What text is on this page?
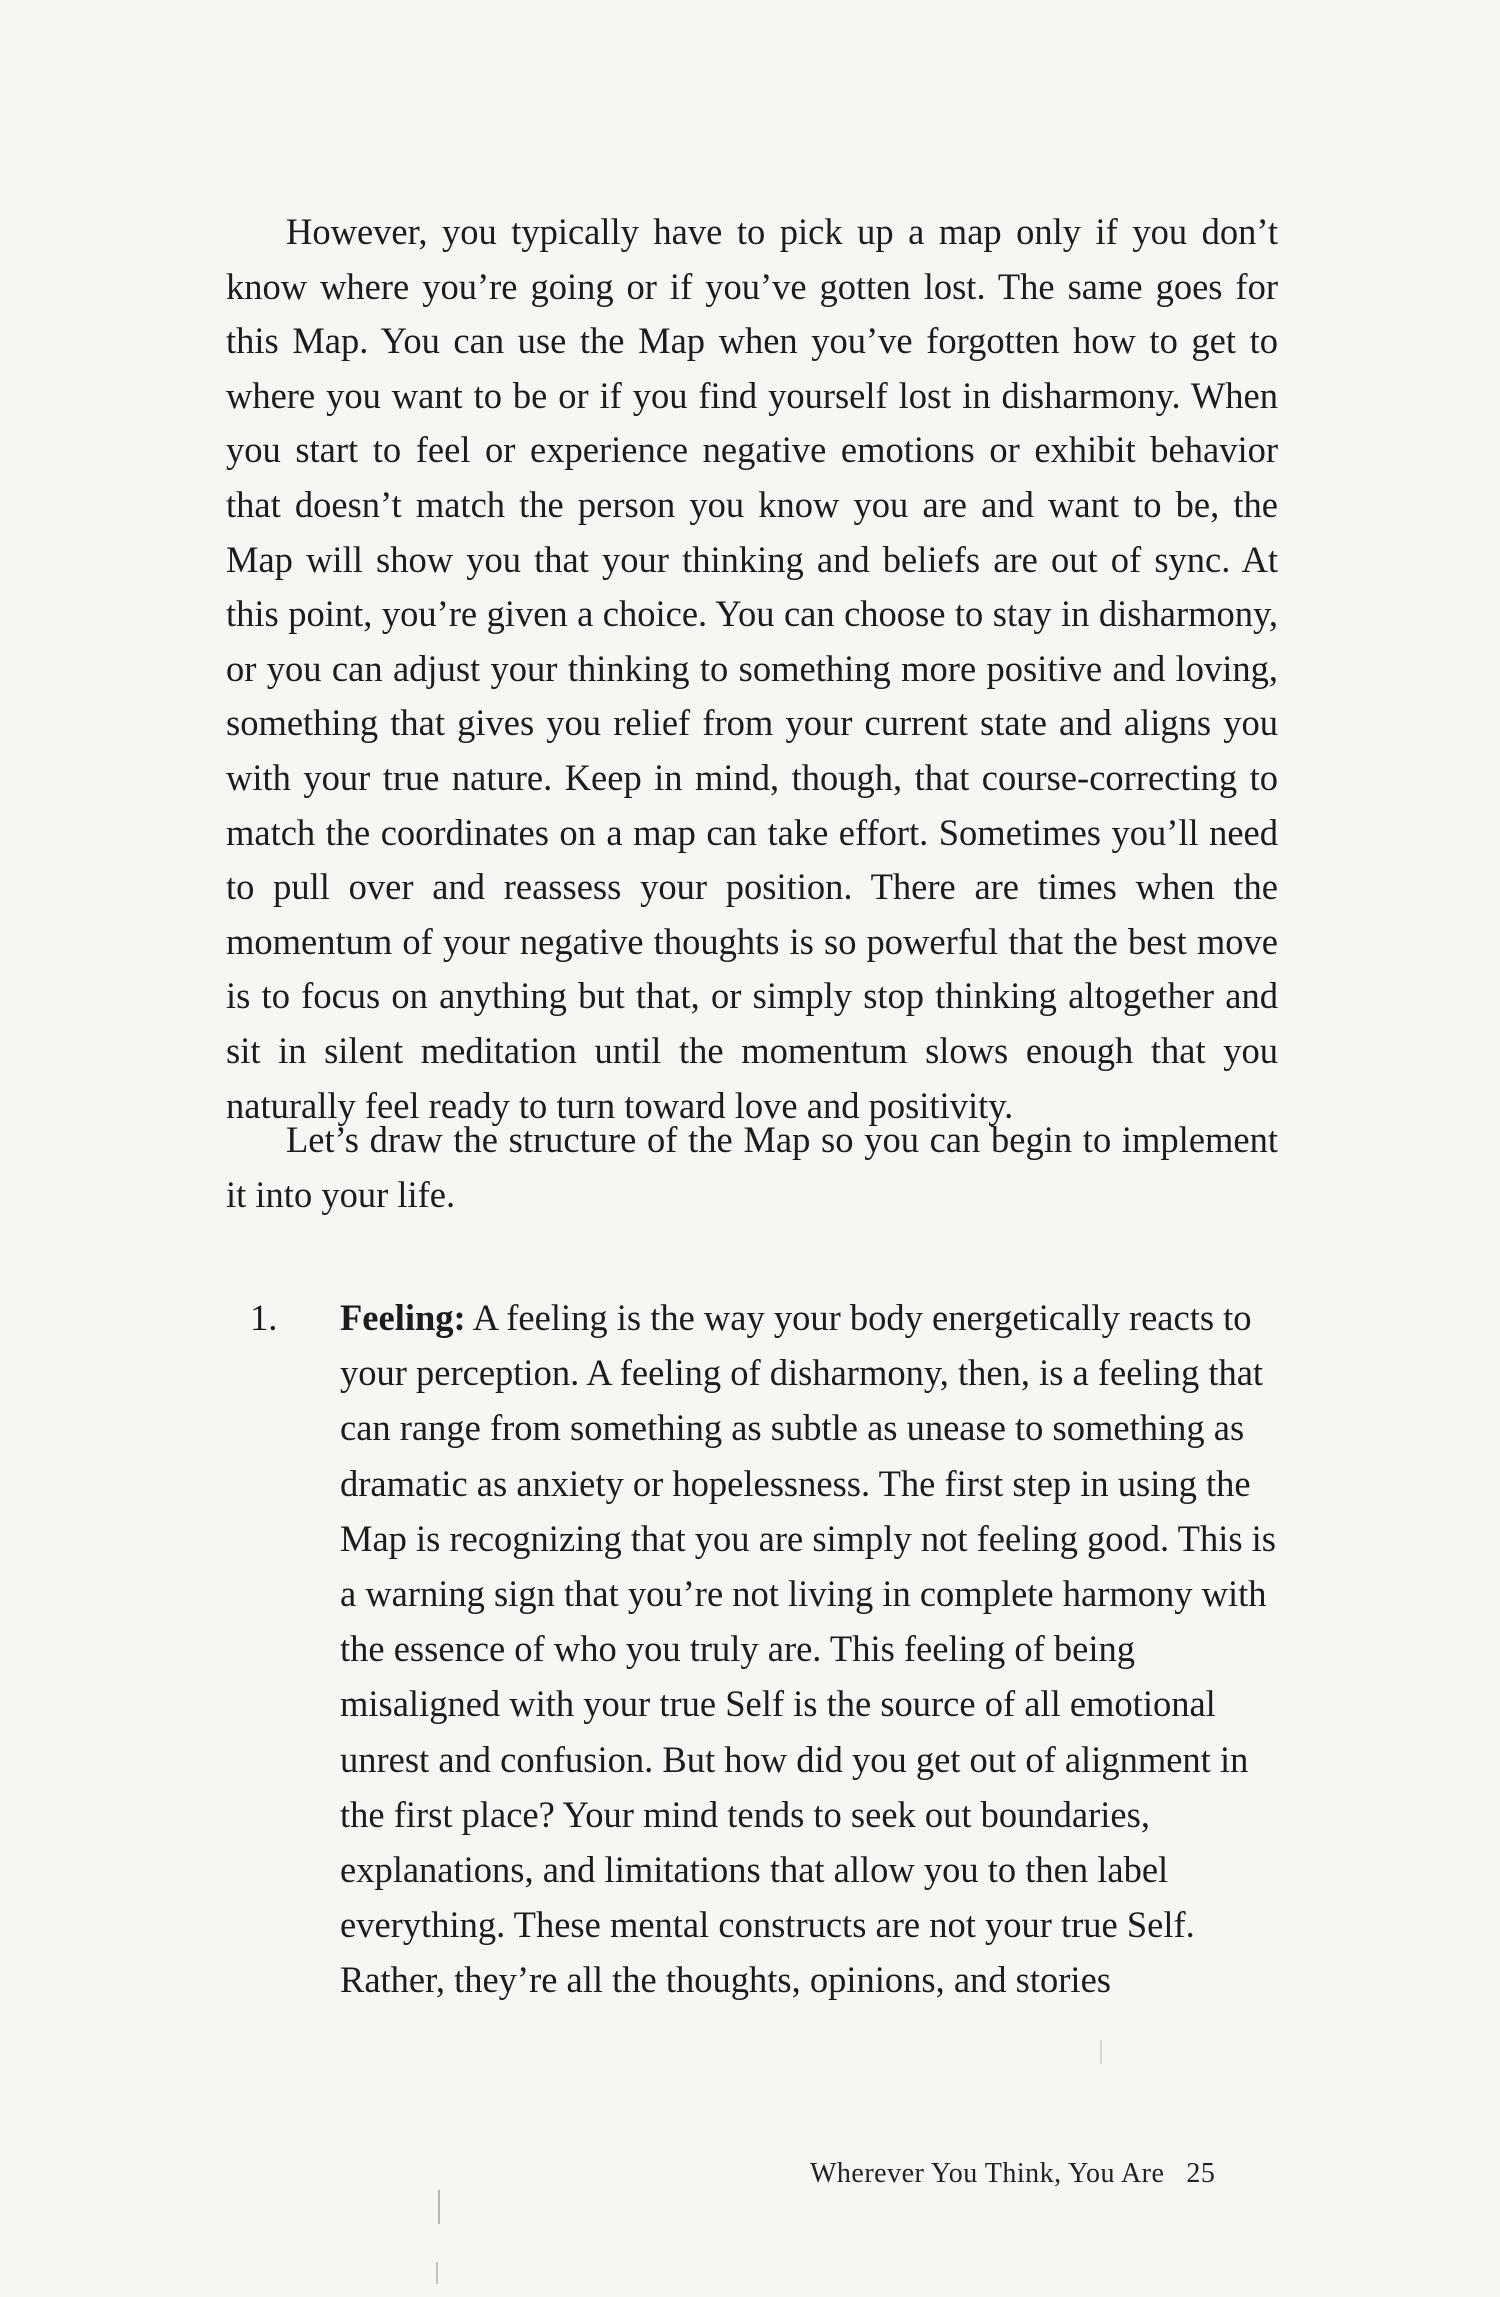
However, you typically have to pick up a map only if you don’t know where you’re going or if you’ve gotten lost. The same goes for this Map. You can use the Map when you’ve forgotten how to get to where you want to be or if you find yourself lost in disharmony. When you start to feel or experience negative emotions or exhibit behavior that doesn’t match the person you know you are and want to be, the Map will show you that your thinking and beliefs are out of sync. At this point, you’re given a choice. You can choose to stay in disharmony, or you can adjust your thinking to something more positive and loving, something that gives you relief from your current state and aligns you with your true nature. Keep in mind, though, that course-correcting to match the coordinates on a map can take effort. Sometimes you’ll need to pull over and reassess your position. There are times when the momentum of your negative thoughts is so powerful that the best move is to focus on anything but that, or simply stop thinking altogether and sit in silent meditation until the momentum slows enough that you naturally feel ready to turn toward love and positivity.

Let’s draw the structure of the Map so you can begin to implement it into your life.

1. Feeling: A feeling is the way your body energetically reacts to your perception. A feeling of disharmony, then, is a feeling that can range from something as subtle as unease to something as dramatic as anxiety or hopelessness. The first step in using the Map is recognizing that you are simply not feeling good. This is a warning sign that you’re not living in complete harmony with the essence of who you truly are. This feeling of being misaligned with your true Self is the source of all emotional unrest and confusion. But how did you get out of alignment in the first place? Your mind tends to seek out boundaries, explanations, and limitations that allow you to then label everything. These mental constructs are not your true Self. Rather, they’re all the thoughts, opinions, and stories
Wherever You Think, You Are 25
